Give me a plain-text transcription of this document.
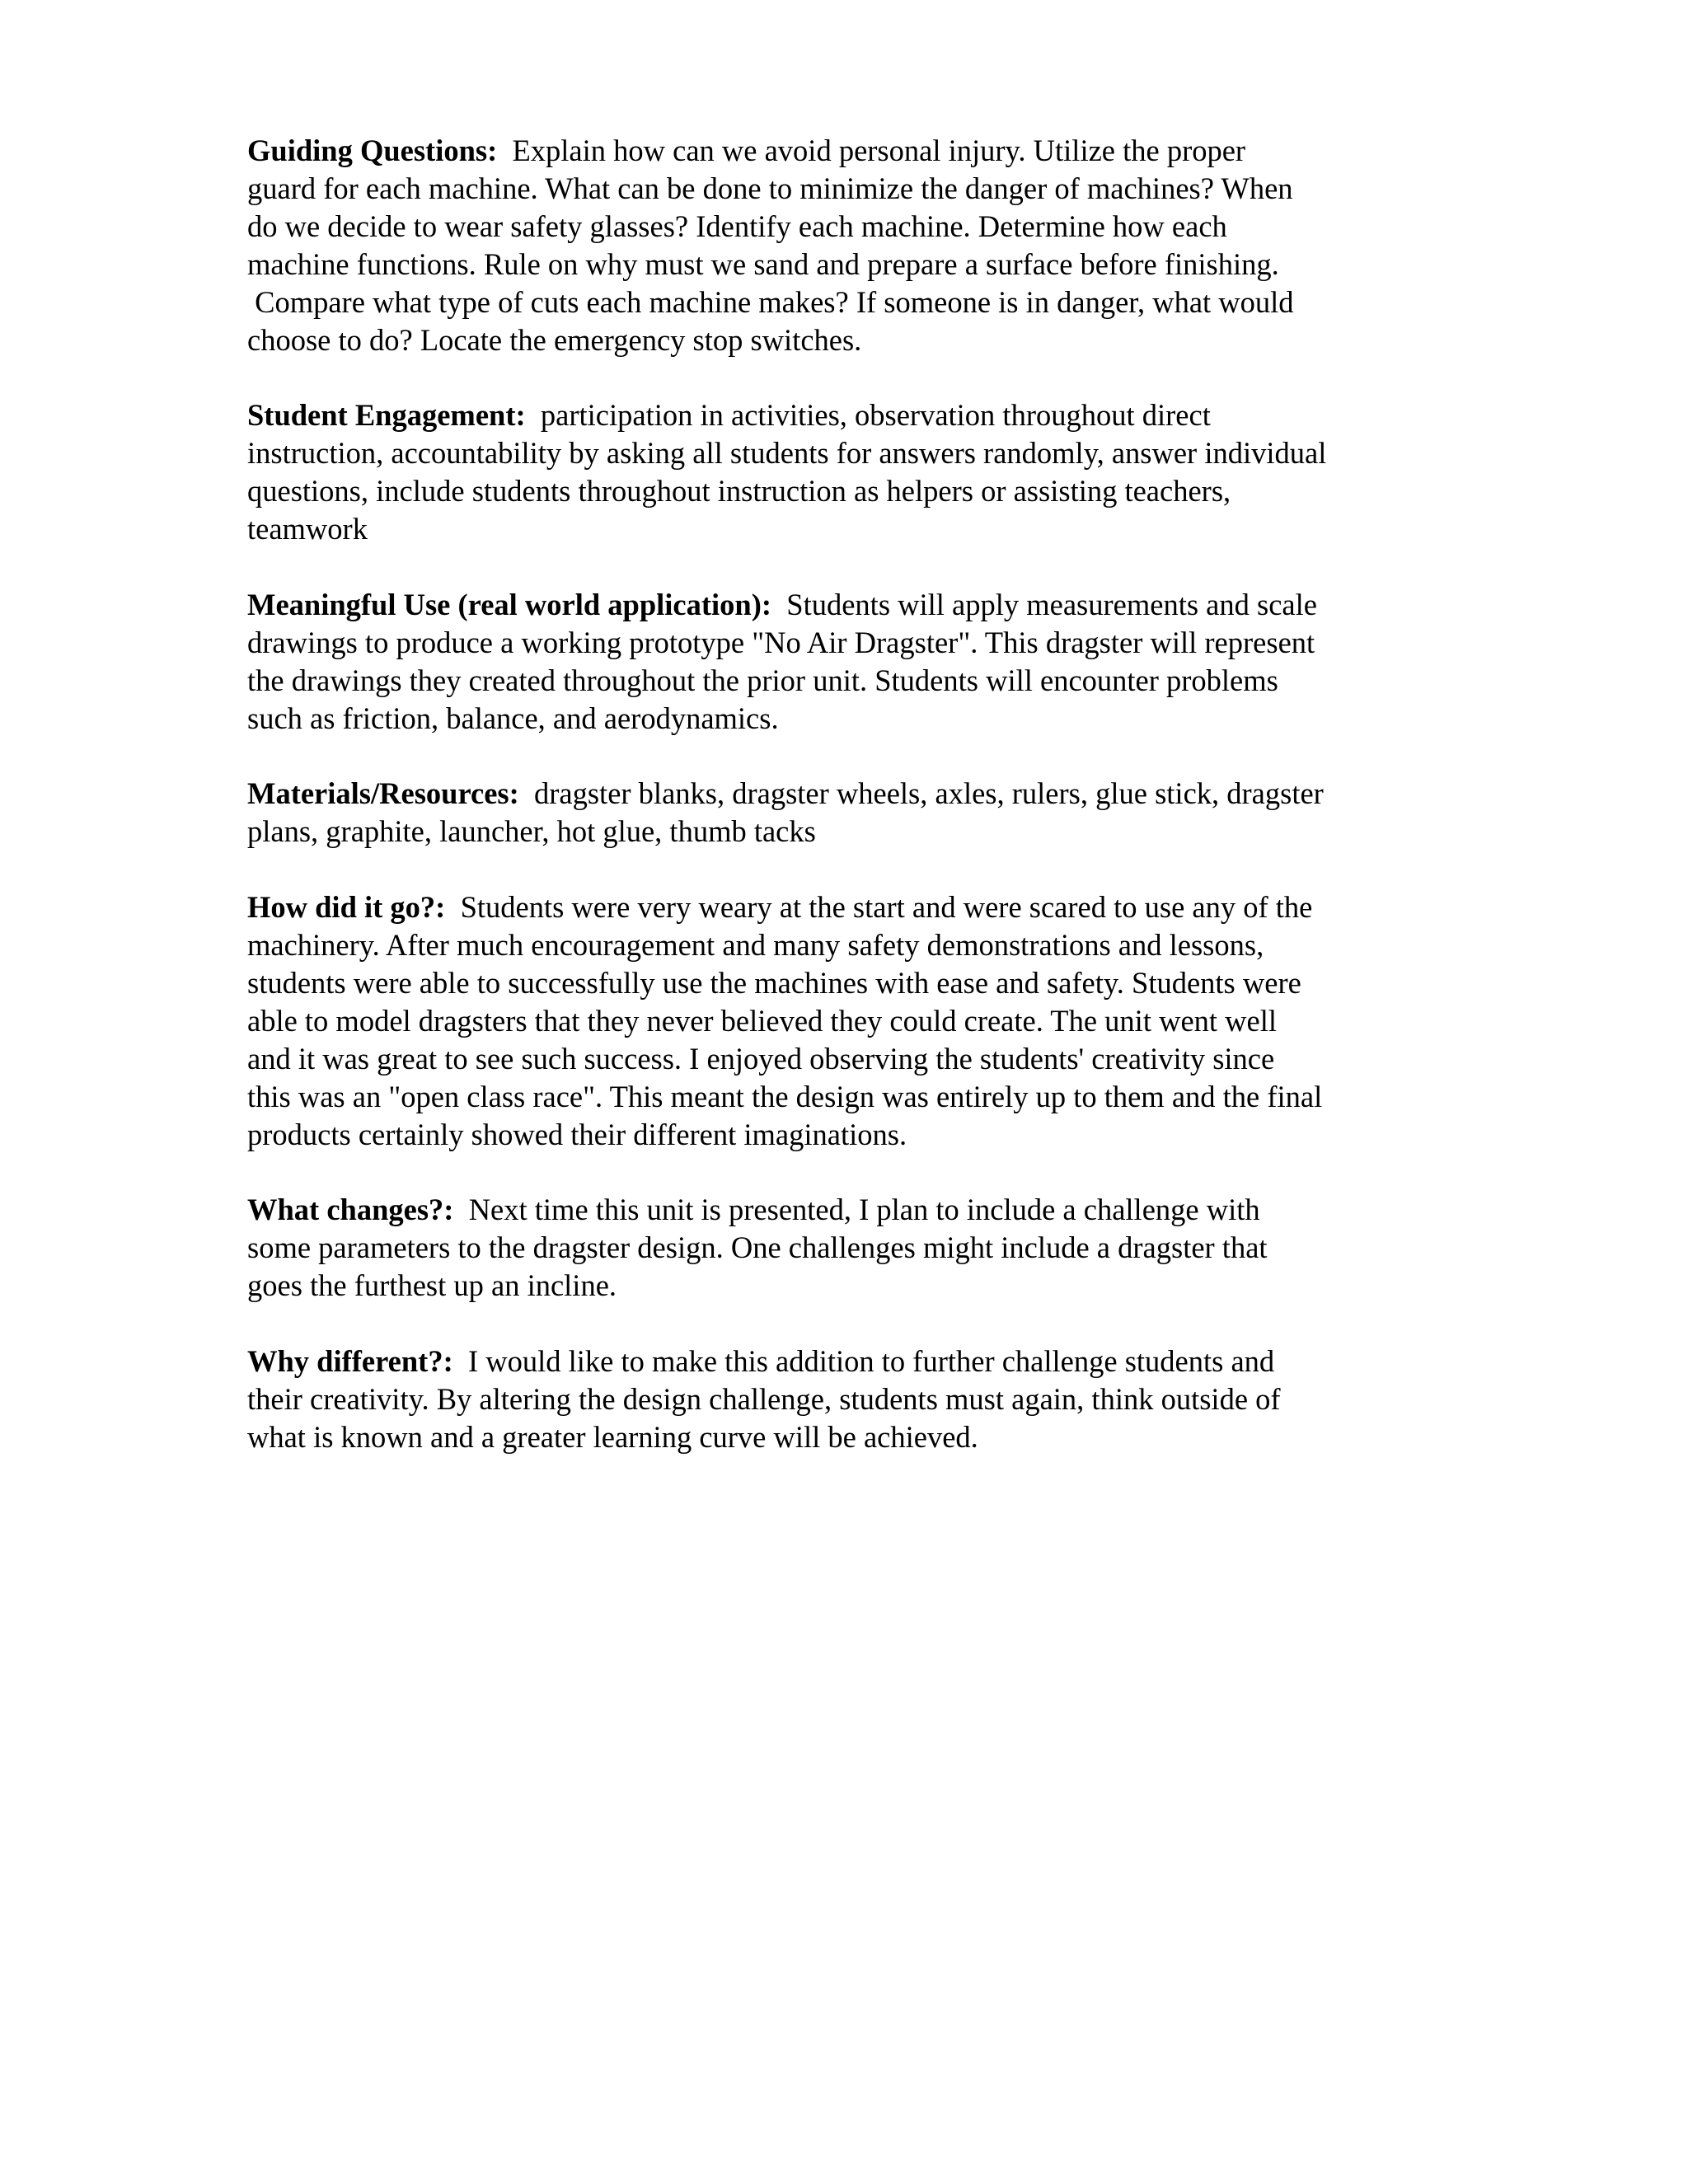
Guiding Questions: Explain how can we avoid personal injury. Utilize the proper
guard for each machine. What can be done to minimize the danger of machines? When
do we decide to wear safety glasses? Identify each machine. Determine how each
machine functions. Rule on why must we sand and prepare a surface before finishing.
Compare what type of cuts each machine makes? If someone is in danger, what would
choose to do? Locate the emergency stop switches.

Student Engagement: participation in activities, observation throughout direct
instruction, accountability by asking all students for answers randomly, answer individual
questions, include students throughout instruction as helpers or assisting teachers,
teamwork

Meaningful Use (real world application): Students will apply measurements and scale
drawings to produce a working prototype "No Air Dragster". This dragster will represent
the drawings they created throughout the prior unit. Students will encounter problems
such as friction, balance, and aerodynamics.

Materials/Resources: dragster blanks, dragster wheels, axles, rulers, glue stick, dragster
plans, graphite, launcher, hot glue, thumb tacks

How did it go?: Students were very weary at the start and were scared to use any of the
machinery. After much encouragement and many safety demonstrations and lessons,
students were able to successfully use the machines with ease and safety. Students were
able to model dragsters that they never believed they could create. The unit went well
and it was great to see such success. I enjoyed observing the students' creativity since
this was an "open class race". This meant the design was entirely up to them and the final
products certainly showed their different imaginations.

What changes?: Next time this unit is presented, I plan to include a challenge with
some parameters to the dragster design. One challenges might include a dragster that
goes the furthest up an incline.

Why different?: I would like to make this addition to further challenge students and
their creativity. By altering the design challenge, students must again, think outside of
what is known and a greater learning curve will be achieved.
